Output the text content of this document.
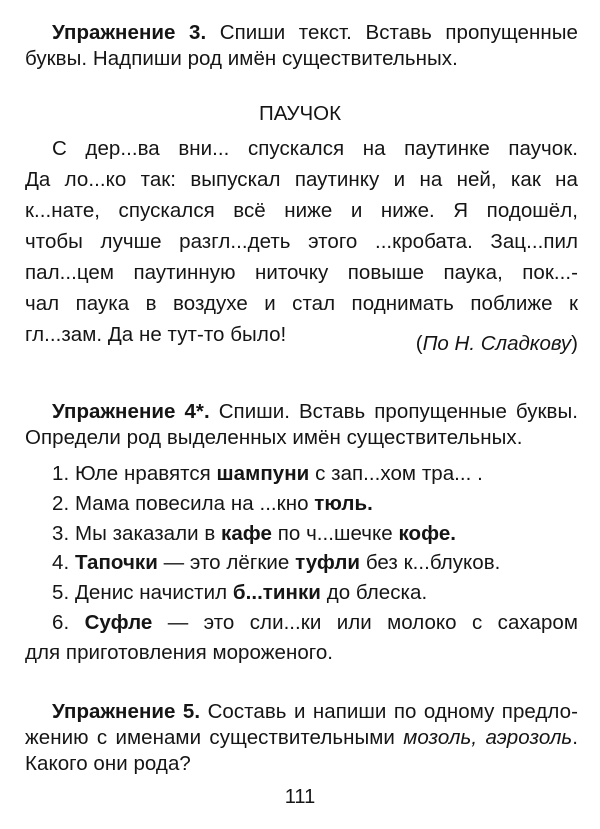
Упражнение 3. Спиши текст. Вставь пропущенные
буквы. Надпиши род имён существительных.
ПАУЧОК
С дер...ва вни... спускался на паутинке паучок.
Да ло...ко так: выпускал паутинку и на ней, как на
к...нате, спускался всё ниже и ниже. Я подошёл,
чтобы лучше разгл...деть этого ...кробата. Зац...пил
пал...цем паутинную ниточку повыше паука, пок...-
чал паука в воздухе и стал поднимать поближе к
гл...зам. Да не тут-то было!	(По Н. Сладкову)
Упражнение 4*. Спиши. Вставь пропущенные буквы.
Определи род выделенных имён существительных.
1. Юле нравятся шампуни с зап...хом тра... .
2. Мама повесила на ...кно тюль.
3. Мы заказали в кафе по ч...шечке кофе.
4. Тапочки — это лёгкие туфли без к...блуков.
5. Денис начистил б...тинки до блеска.
6. Суфле — это сли...ки или молоко с сахаром
для приготовления мороженого.
Упражнение 5. Составь и напиши по одному предло-
жению с именами существительными мозоль, аэрозоль.
Какого они рода?
111
